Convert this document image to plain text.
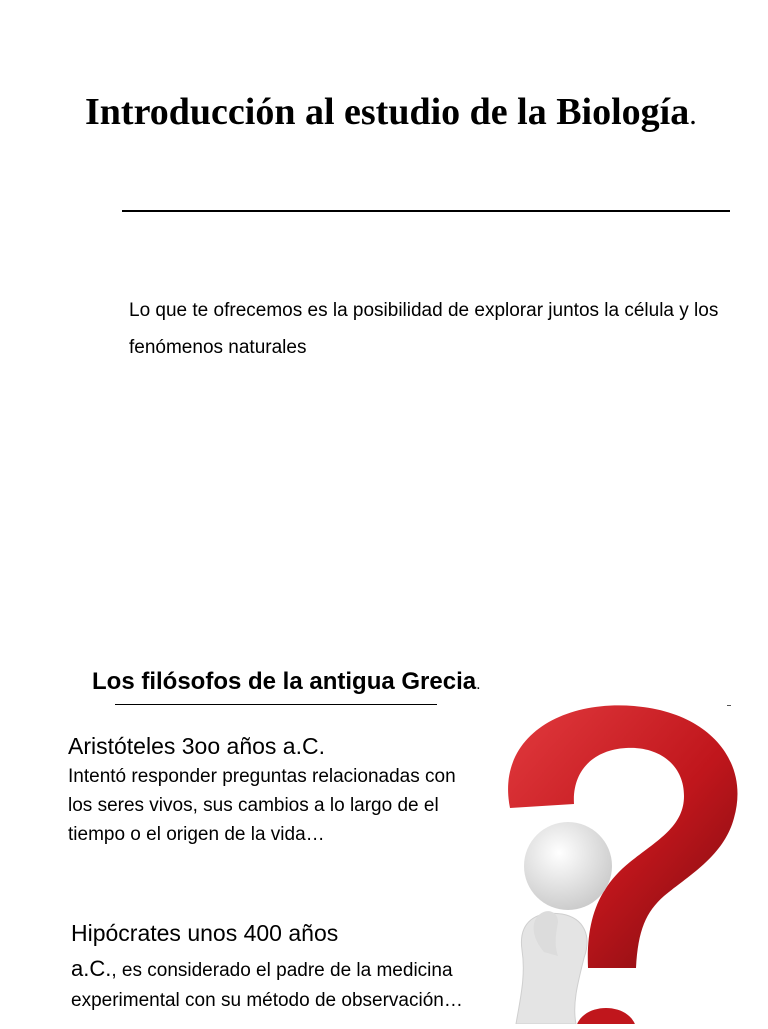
Introducción al estudio de la Biología.
Lo que te ofrecemos es la posibilidad de explorar juntos la célula y los fenómenos naturales
Los filósofos de la antigua Grecia.
Aristóteles 3oo años a.C.
Intentó responder preguntas relacionadas con los seres vivos, sus cambios a lo largo de el tiempo o el origen de la vida…
Hipócrates unos 400 años
a.C., es considerado el padre de la medicina experimental con su método de observación…
